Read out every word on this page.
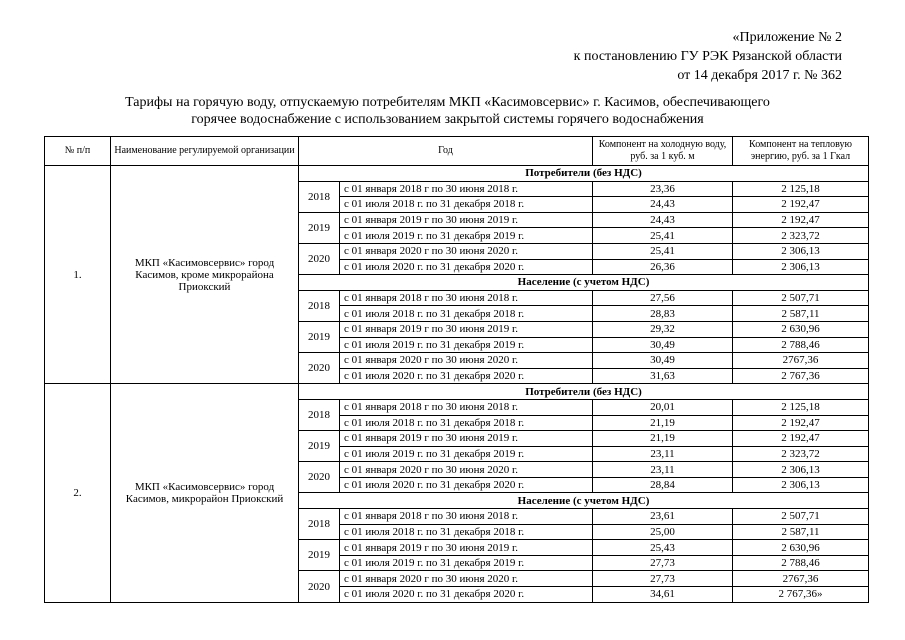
«Приложение № 2
к постановлению ГУ РЭК Рязанской области
от 14 декабря 2017 г. № 362
Тарифы на горячую воду, отпускаемую потребителям МКП «Касимовсервис» г. Касимов, обеспечивающего
горячее водоснабжение с использованием закрытой системы горячего водоснабжения
№ п/п	Наименование регулируемой организации	Год		Компонент на холодную воду, руб. за 1 куб. м	Компонент на тепловую энергию, руб. за 1 Гкал
1.	МКП «Касимовсервис» город Касимов, кроме микрорайона Приокский	Потребители (без НДС)			
		2018	с 01 января 2018 г по 30 июня 2018 г.	23,36	2 125,18
			с 01 июля 2018 г. по 31 декабря 2018 г.	24,43	2 192,47
		2019	с 01 января 2019 г по 30 июня 2019 г.	24,43	2 192,47
			с 01 июля 2019 г. по 31 декабря 2019 г.	25,41	2 323,72
		2020	с 01 января 2020 г по 30 июня 2020 г.	25,41	2 306,13
			с 01 июля 2020 г. по 31 декабря 2020 г.	26,36	2 306,13
		Население (с учетом НДС)			
		2018	с 01 января 2018 г по 30 июня 2018 г.	27,56	2 507,71
			с 01 июля 2018 г. по 31 декабря 2018 г.	28,83	2 587,11
		2019	с 01 января 2019 г по 30 июня 2019 г.	29,32	2 630,96
			с 01 июля 2019 г. по 31 декабря 2019 г.	30,49	2 788,46
		2020	с 01 января 2020 г по 30 июня 2020 г.	30,49	2767,36
			с 01 июля 2020 г. по 31 декабря 2020 г.	31,63	2 767,36
2.	МКП «Касимовсервис» город Касимов, микрорайон Приокский	Потребители (без НДС)			
		2018	с 01 января 2018 г по 30 июня 2018 г.	20,01	2 125,18
			с 01 июля 2018 г. по 31 декабря 2018 г.	21,19	2 192,47
		2019	с 01 января 2019 г по 30 июня 2019 г.	21,19	2 192,47
			с 01 июля 2019 г. по 31 декабря 2019 г.	23,11	2 323,72
		2020	с 01 января 2020 г по 30 июня 2020 г.	23,11	2 306,13
			с 01 июля 2020 г. по 31 декабря 2020 г.	28,84	2 306,13
		Население (с учетом НДС)			
		2018	с 01 января 2018 г по 30 июня 2018 г.	23,61	2 507,71
			с 01 июля 2018 г. по 31 декабря 2018 г.	25,00	2 587,11
		2019	с 01 января 2019 г по 30 июня 2019 г.	25,43	2 630,96
			с 01 июля 2019 г. по 31 декабря 2019 г.	27,73	2 788,46
		2020	с 01 января 2020 г по 30 июня 2020 г.	27,73	2767,36
			с 01 июля 2020 г. по 31 декабря 2020 г.	34,61	2 767,36»
